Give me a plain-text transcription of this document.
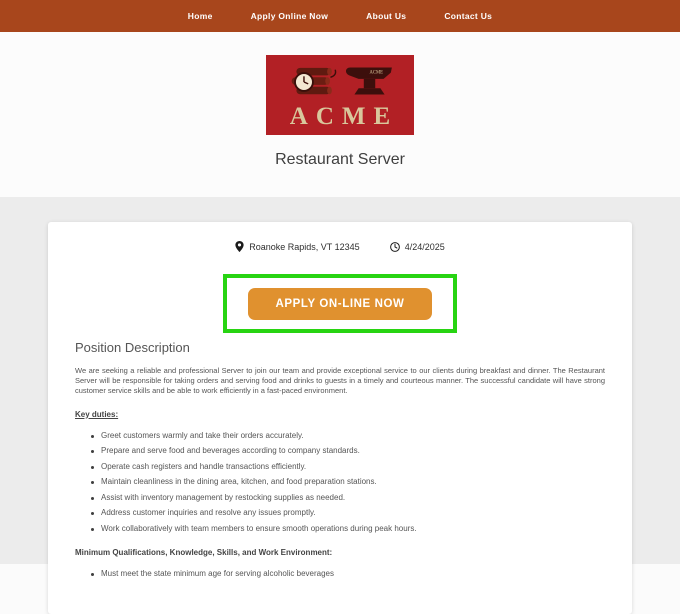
Home	Apply Online Now	About Us	Contact Us
ACME
ACME
Restaurant Server
Roanoke Rapids, VT 12345	4/24/2025
APPLY ON-LINE NOW
Position Description

We are seeking a reliable and professional Server to join our team and provide exceptional service to our clients during breakfast and dinner. The Restaurant Server will be responsible for taking orders and serving food and drinks to guests in a timely and courteous manner. The successful candidate will have strong customer service skills and be able to work efficiently in a fast-paced environment.

Key duties:
Greet customers warmly and take their orders accurately.
Prepare and serve food and beverages according to company standards.
Operate cash registers and handle transactions efficiently.
Maintain cleanliness in the dining area, kitchen, and food preparation stations.
Assist with inventory management by restocking supplies as needed.
Address customer inquiries and resolve any issues promptly.
Work collaboratively with team members to ensure smooth operations during peak hours.
Minimum Qualifications, Knowledge, Skills, and Work Environment:
Must meet the state minimum age for serving alcoholic beverages
